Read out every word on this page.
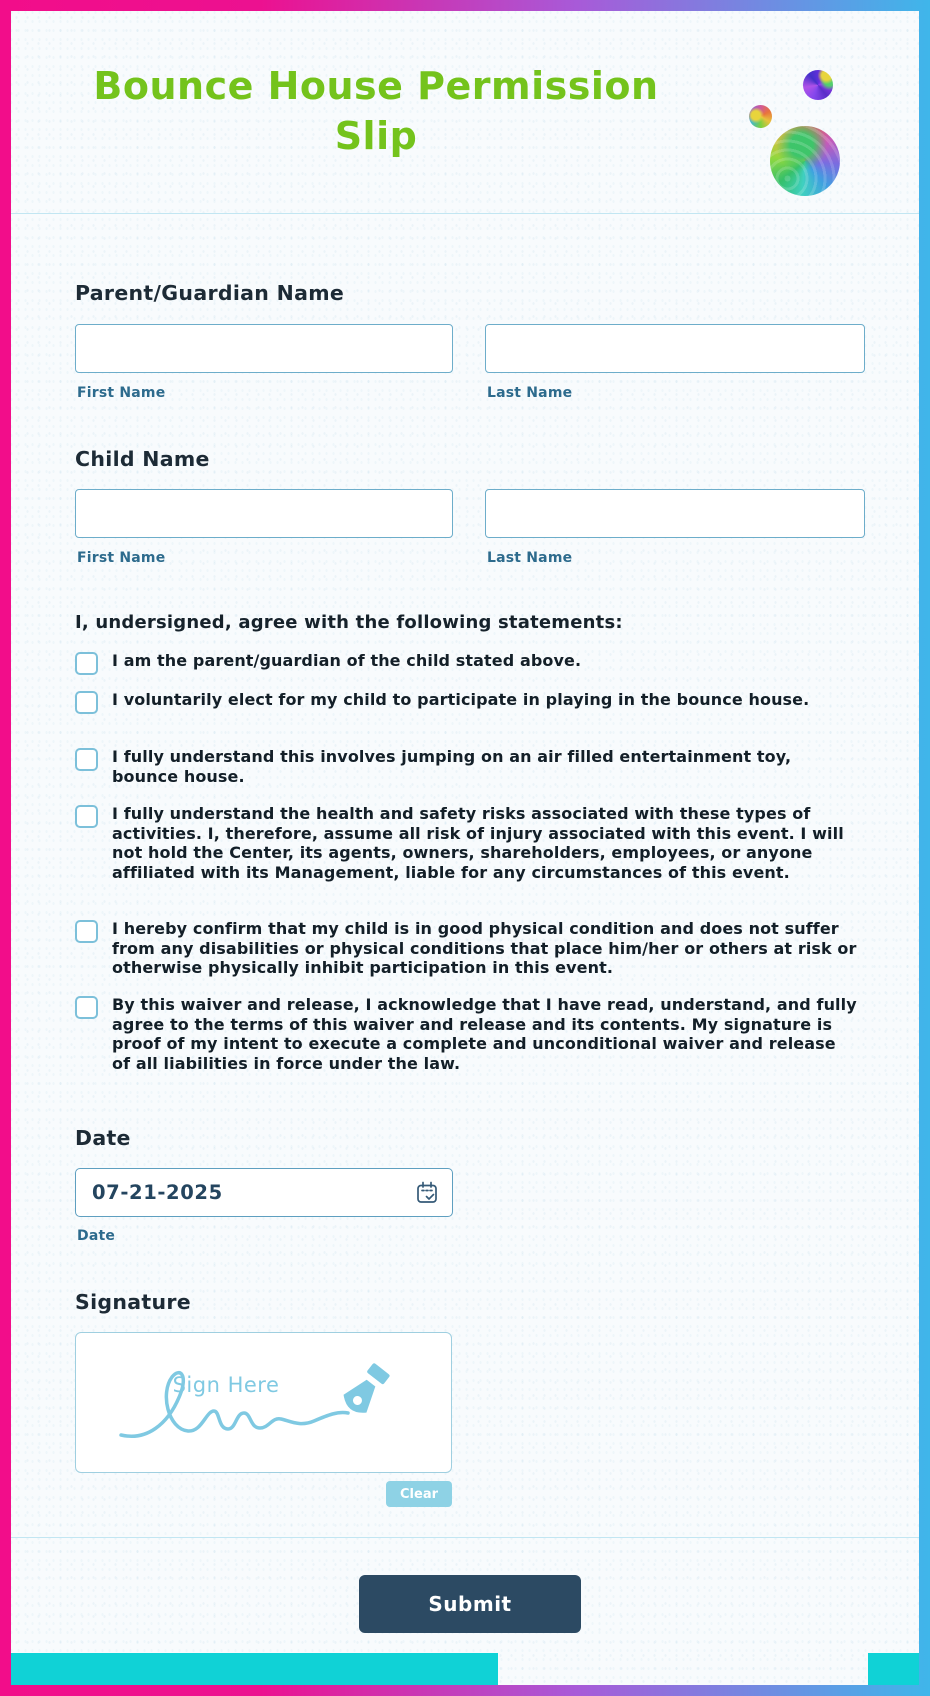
Bounce House Permission Slip
Parent/Guardian Name
First Name	Last Name
Child Name
First Name	Last Name
I, undersigned, agree with the following statements:
I am the parent/guardian of the child stated above.
I voluntarily elect for my child to participate in playing in the bounce house.
I fully understand this involves jumping on an air filled entertainment toy, bounce house.
I fully understand the health and safety risks associated with these types of activities. I, therefore, assume all risk of injury associated with this event. I will not hold the Center, its agents, owners, shareholders, employees, or anyone affiliated with its Management, liable for any circumstances of this event.
I hereby confirm that my child is in good physical condition and does not suffer from any disabilities or physical conditions that place him/her or others at risk or otherwise physically inhibit participation in this event.
By this waiver and release, I acknowledge that I have read, understand, and fully agree to the terms of this waiver and release and its contents. My signature is proof of my intent to execute a complete and unconditional waiver and release of all liabilities in force under the law.
Date
07-21-2025
Date
Signature
Sign Here
Clear
Submit
